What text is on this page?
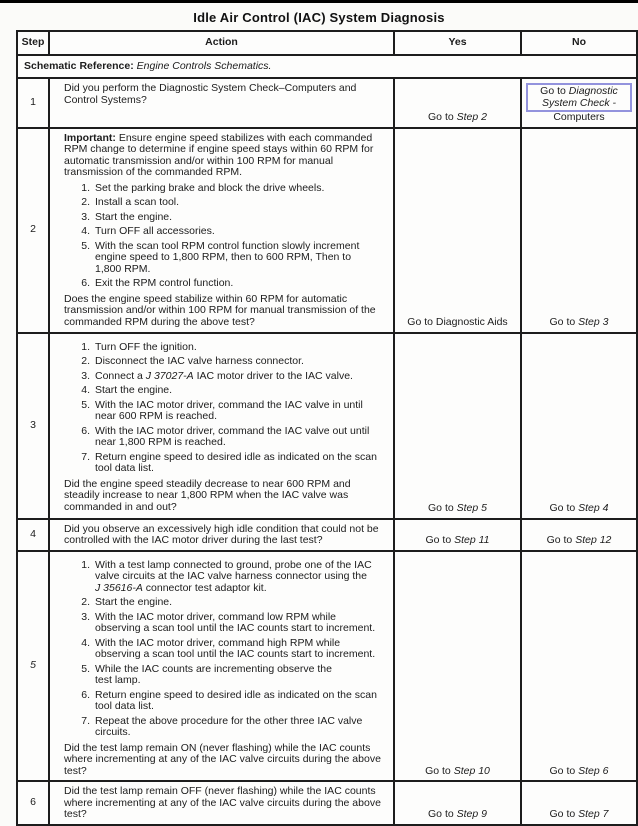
Idle Air Control (IAC) System Diagnosis
Step	Action	Yes	No
Schematic Reference: Engine Controls Schematics.			
1	Did you perform the Diagnostic System Check–Computers and Control Systems?	Go to Step 2	Go to Diagnostic System Check -
Computers

2	

Important: Ensure engine speed stabilizes with each commanded RPM change to determine if engine speed stays within 60 RPM for automatic transmission and/or within 100 RPM for manual transmission of the commanded RPM.

1. Set the parking brake and block the drive wheels.
2. Install a scan tool.
3. Start the engine.
4. Turn OFF all accessories.
5. With the scan tool RPM control function slowly increment
engine speed to 1,800 RPM, then to 600 RPM, Then to
1,800 RPM.
6. Exit the RPM control function.

Does the engine speed stabilize within 60 RPM for automatic transmission and/or within 100 RPM for manual transmission of the commanded RPM during the above test?	Go to Diagnostic Aids	Go to Step 3
3	
1. Turn OFF the ignition.
2. Disconnect the IAC valve harness connector.
3. Connect a J 37027-A IAC motor driver to the IAC valve.
4. Start the engine.
5. With the IAC motor driver, command the IAC valve in until
near 600 RPM is reached.
6. With the IAC motor driver, command the IAC valve out until
near 1,800 RPM is reached.
7. Return engine speed to desired idle as indicated on the scan
tool data list.

Did the engine speed steadily decrease to near 600 RPM and steadily increase to near 1,800 RPM when the IAC valve was commanded in and out?	Go to Step 5	Go to Step 4
4	Did you observe an excessively high idle condition that could not be controlled with the IAC motor driver during the last test?	Go to Step 11	Go to Step 12
5	
1. With a test lamp connected to ground, probe one of the IAC
valve circuits at the IAC valve harness connector using the
J 35616-A connector test adaptor kit.
2. Start the engine.
3. With the IAC motor driver, command low RPM while
observing a scan tool until the IAC counts start to increment.
4. With the IAC motor driver, command high RPM while
observing a scan tool until the IAC counts start to increment.
5. While the IAC counts are incrementing observe the
test lamp.
6. Return engine speed to desired idle as indicated on the scan
tool data list.
7. Repeat the above procedure for the other three IAC valve
circuits.

Did the test lamp remain ON (never flashing) while the IAC counts where incrementing at any of the IAC valve circuits during the above test?	Go to Step 10	Go to Step 6
6	Did the test lamp remain OFF (never flashing) while the IAC counts where incrementing at any of the IAC valve circuits during the above test?	Go to Step 9	Go to Step 7
